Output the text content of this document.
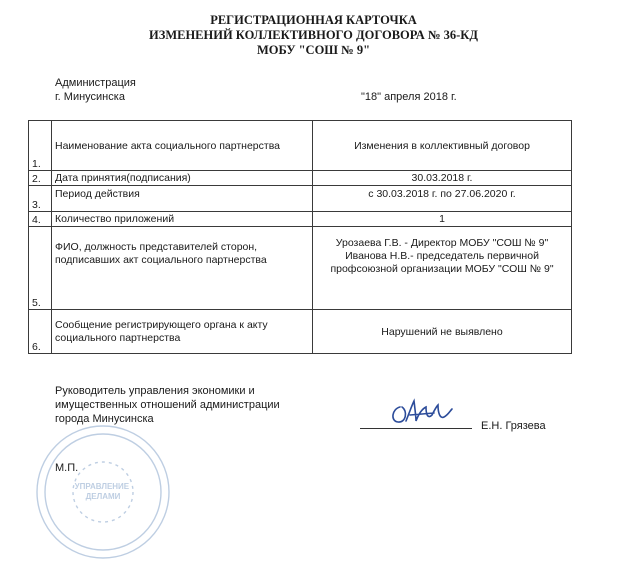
РЕГИСТРАЦИОННАЯ КАРТОЧКА
ИЗМЕНЕНИЙ КОЛЛЕКТИВНОГО ДОГОВОРА № 36-КД
МОБУ "СОШ № 9"
Администрация
г. Минусинска	"18" апреля 2018 г.
1.	Наименование акта социального партнерства	Изменения в коллективный договор
2.	Дата принятия(подписания)	30.03.2018 г.
3.	Период действия	с 30.03.2018 г. по 27.06.2020 г.
4.	Количество приложений	1
5.	ФИО, должность представителей сторон,
подписавших акт социального партнерства	Урозаева Г.В. - Директор МОБУ "СОШ № 9"
Иванова Н.В.- председатель первичной
профсоюзной организации МОБУ "СОШ № 9"

6.	Сообщение регистрирующего органа к акту
социального партнерства	Нарушений не выявлено
Руководитель управления экономики и
имущественных отношений администрации
города Минусинска
УПРАВЛЕНИЕ ДЕЛАМИ
М.П.
Е.Н. Грязева
